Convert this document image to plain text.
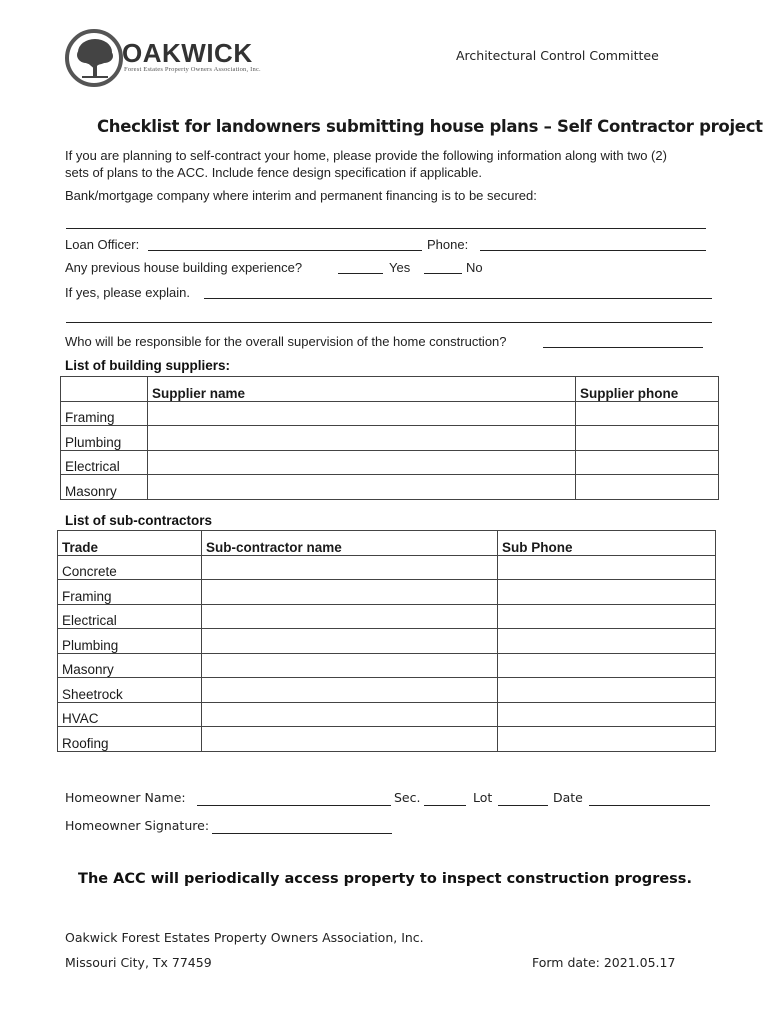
OAKWICK
Forest Estates Property Owners Association, Inc.
Architectural Control Committee
Checklist for landowners submitting house plans – Self Contractor project
If you are planning to self-contract your home, please provide the following information along with two (2)
sets of plans to the ACC. Include fence design specification if applicable.
Bank/mortgage company where interim and permanent financing is to be secured:
Loan Officer:	Phone:
Any previous house building experience?	Yes	No
If yes, please explain.
Who will be responsible for the overall supervision of the home construction?
List of building suppliers:
	Supplier name	Supplier phone
Framing		
Plumbing		
Electrical		
Masonry		
List of sub-contractors
Trade	Sub-contractor name	Sub Phone
Concrete		
Framing		
Electrical		
Plumbing		
Masonry		
Sheetrock		
HVAC		
Roofing		
Homeowner Name:	Sec.	Lot	Date
Homeowner Signature:
The ACC will periodically access property to inspect construction progress.
Oakwick Forest Estates Property Owners Association, Inc.
Missouri City, Tx 77459	Form date: 2021.05.17
